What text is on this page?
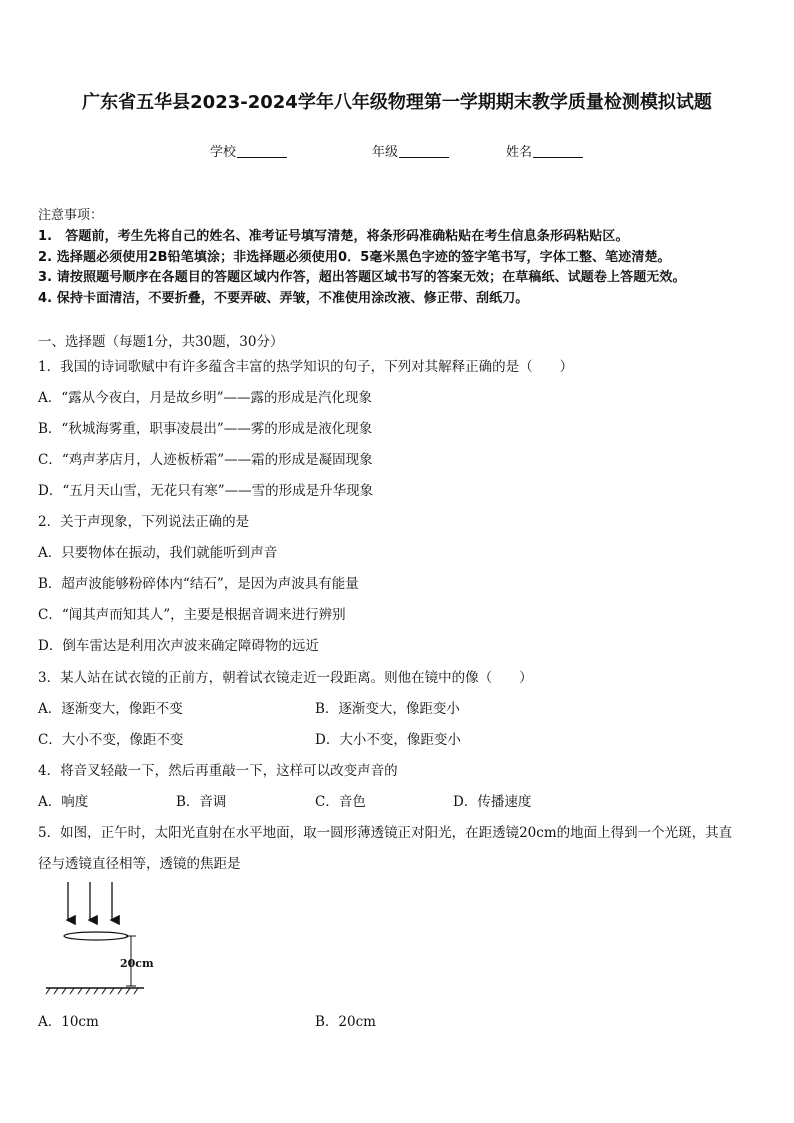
广东省五华县2023-2024学年八年级物理第一学期期末教学质量检测模拟试题
学校	年级	姓名
注意事项：
1.　答题前，考生先将自己的姓名、准考证号填写清楚，将条形码准确粘贴在考生信息条形码粘贴区。
2. 选择题必须使用2B铅笔填涂；非选择题必须使用0．5毫米黑色字迹的签字笔书写，字体工整、笔迹清楚。
3. 请按照题号顺序在各题目的答题区域内作答，超出答题区域书写的答案无效；在草稿纸、试题卷上答题无效。
4. 保持卡面清洁，不要折叠，不要弄破、弄皱，不准使用涂改液、修正带、刮纸刀。
一、选择题（每题1分，共30题，30分）
1．我国的诗词歌赋中有许多蕴含丰富的热学知识的句子，下列对其解释正确的是（　　）
A．“露从今夜白，月是故乡明”——露的形成是汽化现象
B．“秋城海雾重，职事凌晨出”——雾的形成是液化现象
C．“鸡声茅店月，人迹板桥霜”——霜的形成是凝固现象
D．“五月天山雪，无花只有寒”——雪的形成是升华现象
2．关于声现象，下列说法正确的是
A．只要物体在振动，我们就能听到声音
B．超声波能够粉碎体内“结石”，是因为声波具有能量
C．“闻其声而知其人”，主要是根据音调来进行辨别
D．倒车雷达是利用次声波来确定障碍物的远近
3．某人站在试衣镜的正前方，朝着试衣镜走近一段距离。则他在镜中的像（　　）
A．逐渐变大，像距不变	B．逐渐变大，像距变小
C．大小不变，像距不变	D．大小不变，像距变小
4．将音叉轻敲一下，然后再重敲一下，这样可以改变声音的
A．响度	B．音调	C．音色	D．传播速度
5．如图，正午时，太阳光直射在水平地面，取一圆形薄透镜正对阳光，在距透镜20cm的地面上得到一个光斑，其直
径与透镜直径相等，透镜的焦距是
20cm
A．10cm	B．20cm
